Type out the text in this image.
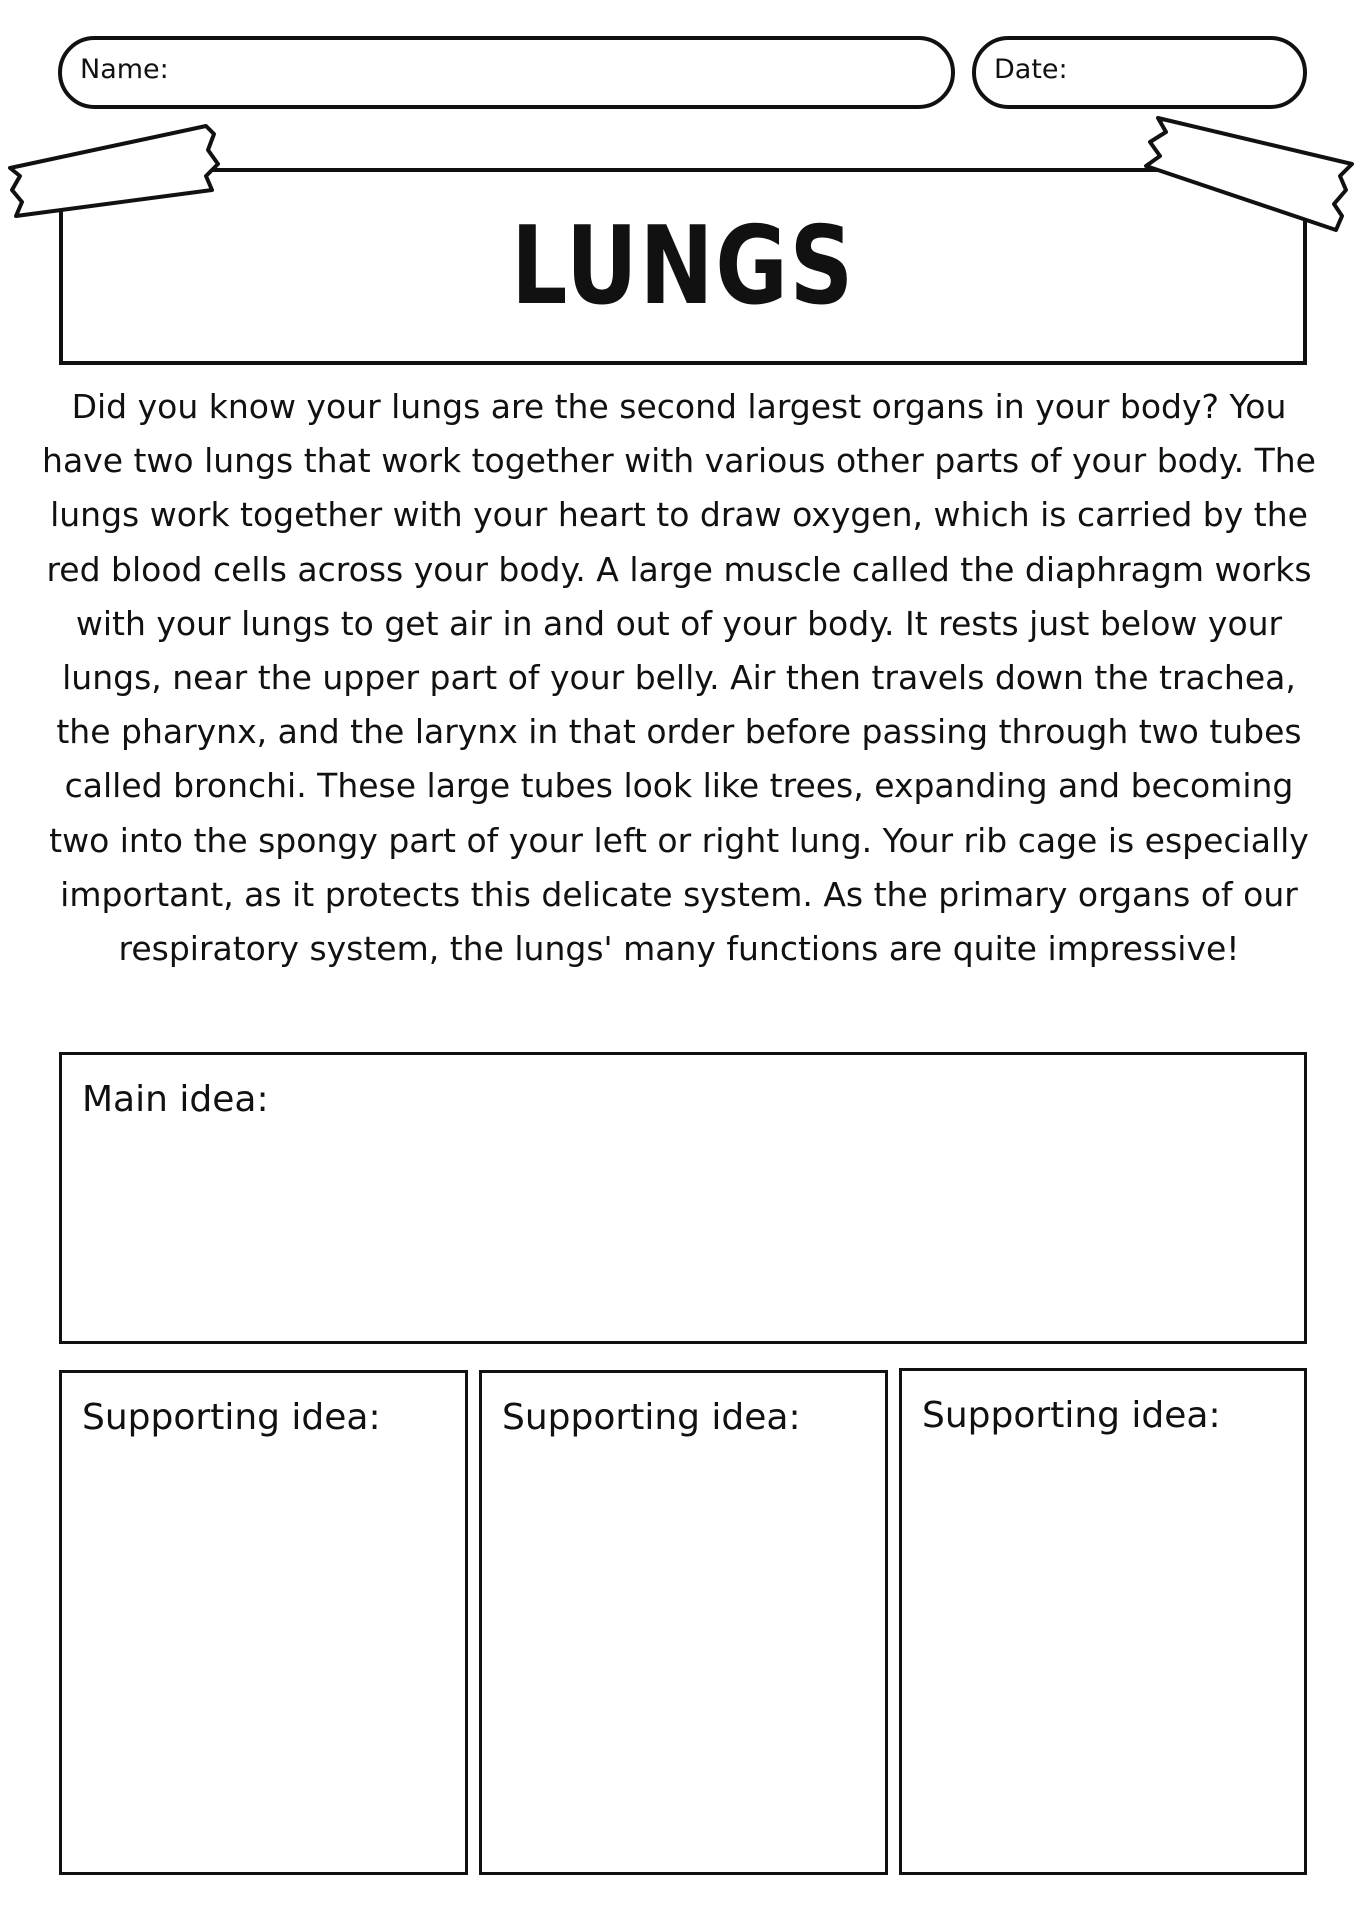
Name:	Date:
LUNGS

Did you know your lungs are the second largest organs in your body? You have two lungs that work together with various other parts of your body. The lungs work together with your heart to draw oxygen, which is carried by the red blood cells across your body. A large muscle called the diaphragm works with your lungs to get air in and out of your body. It rests just below your lungs, near the upper part of your belly. Air then travels down the trachea, the pharynx, and the larynx in that order before passing through two tubes called bronchi. These large tubes look like trees, expanding and becoming two into the spongy part of your left or right lung. Your rib cage is especially important, as it protects this delicate system. As the primary organs of our respiratory system, the lungs' many functions are quite impressive!

Main idea:
Supporting idea:	Supporting idea:	Supporting idea:
